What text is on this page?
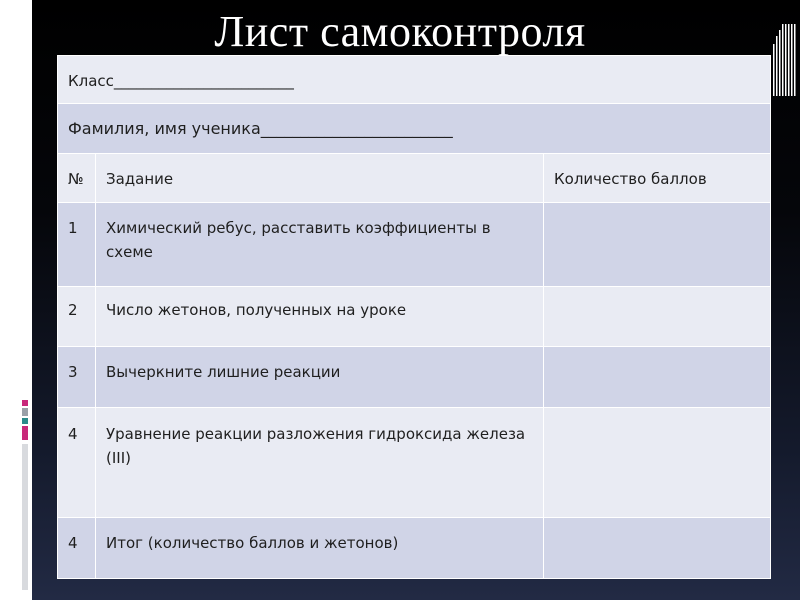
Лист самоконтроля
Класс________________________		
Фамилия, имя ученика________________________		
№	Задание	Количество баллов
1	Химический ребус, расставить коэффициенты в схеме	
2	Число жетонов, полученных на уроке	
3	Вычеркните лишние реакции	
4	Уравнение реакции разложения гидроксида железа (III)	
4	Итог (количество баллов и жетонов)	
